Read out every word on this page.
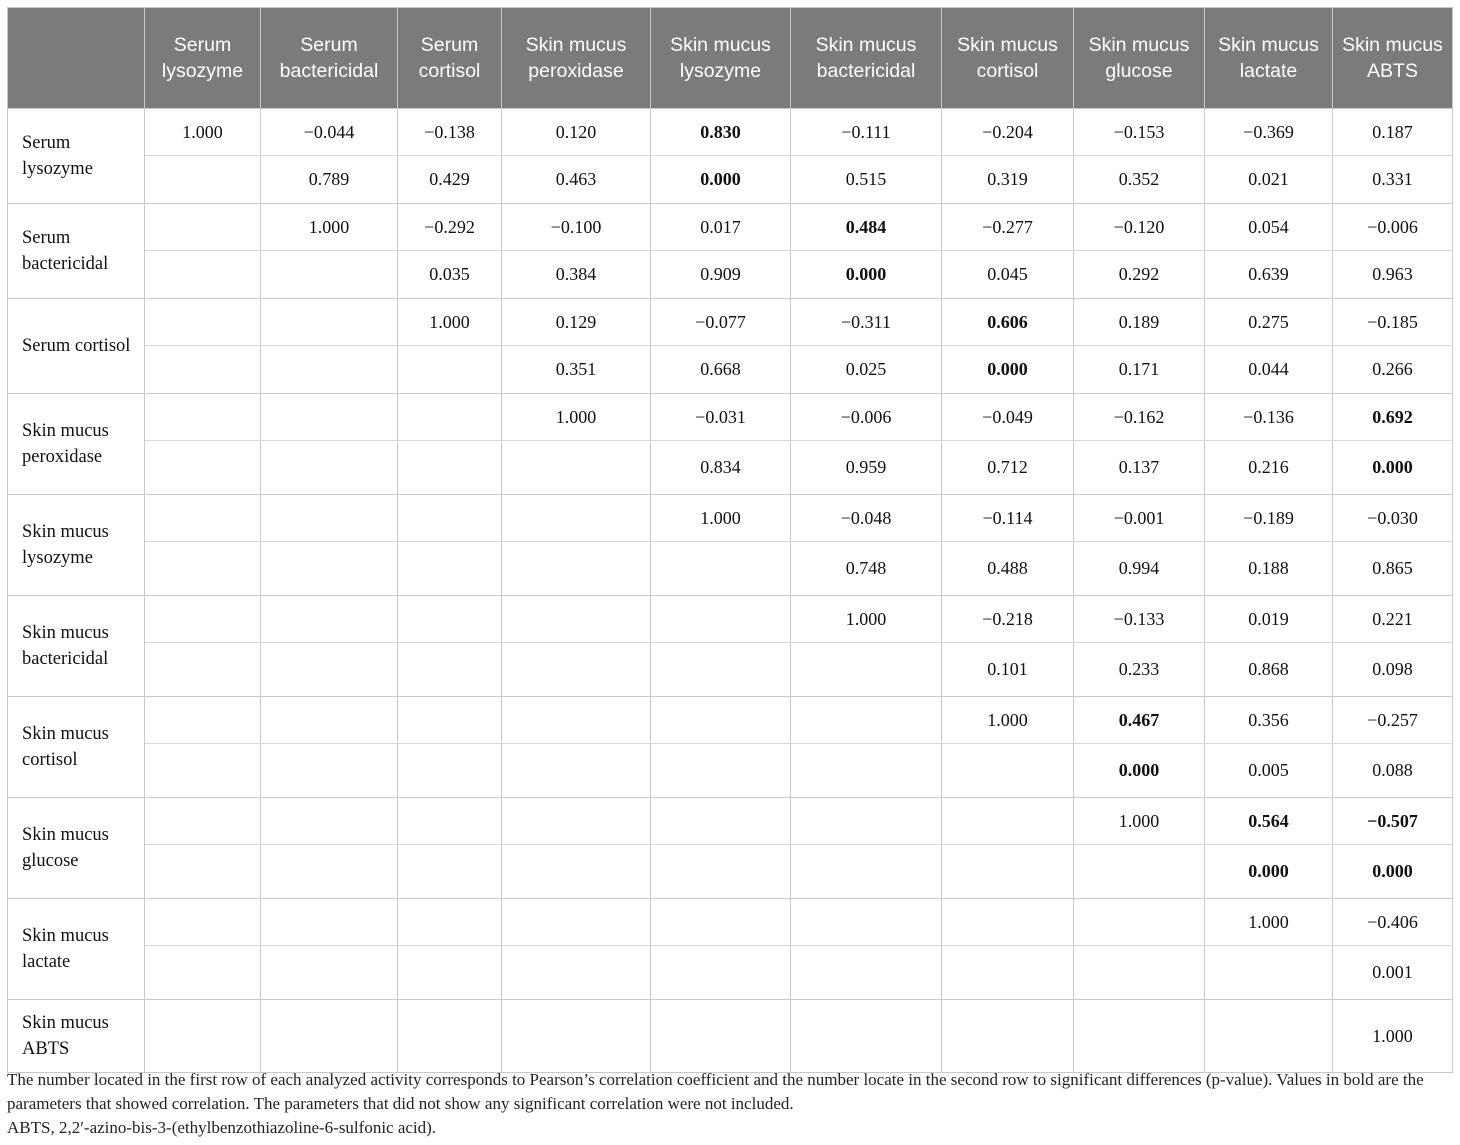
	Serum lysozyme	Serum bactericidal	Serum cortisol	Skin mucus peroxidase	Skin mucus lysozyme	Skin mucus bactericidal	Skin mucus cortisol	Skin mucus glucose	Skin mucus lactate	Skin mucus ABTS
Serum lysozyme	1.000	−0.044	−0.138	0.120	0.830	−0.111	−0.204	−0.153	−0.369	0.187
		0.789	0.429	0.463	0.000	0.515	0.319	0.352	0.021	0.331
Serum bactericidal		1.000	−0.292	−0.100	0.017	0.484	−0.277	−0.120	0.054	−0.006
			0.035	0.384	0.909	0.000	0.045	0.292	0.639	0.963
Serum cortisol			1.000	0.129	−0.077	−0.311	0.606	0.189	0.275	−0.185
				0.351	0.668	0.025	0.000	0.171	0.044	0.266
Skin mucus peroxidase				1.000	−0.031	−0.006	−0.049	−0.162	−0.136	0.692
					0.834	0.959	0.712	0.137	0.216	0.000
Skin mucus lysozyme					1.000	−0.048	−0.114	−0.001	−0.189	−0.030
						0.748	0.488	0.994	0.188	0.865
Skin mucus bactericidal						1.000	−0.218	−0.133	0.019	0.221
							0.101	0.233	0.868	0.098
Skin mucus cortisol							1.000	0.467	0.356	−0.257
								0.000	0.005	0.088
Skin mucus glucose								1.000	0.564	−0.507
									0.000	0.000
Skin mucus lactate									1.000	−0.406
										0.001
Skin mucus ABTS										1.000

The number located in the first row of each analyzed activity corresponds to Pearson’s correlation coefficient and the number locate in the second row to significant differences (p-value). Values in bold are the parameters that showed correlation. The parameters that did not show any significant correlation were not included.

ABTS, 2,2′-azino-bis-3-(ethylbenzothiazoline-6-sulfonic acid).
